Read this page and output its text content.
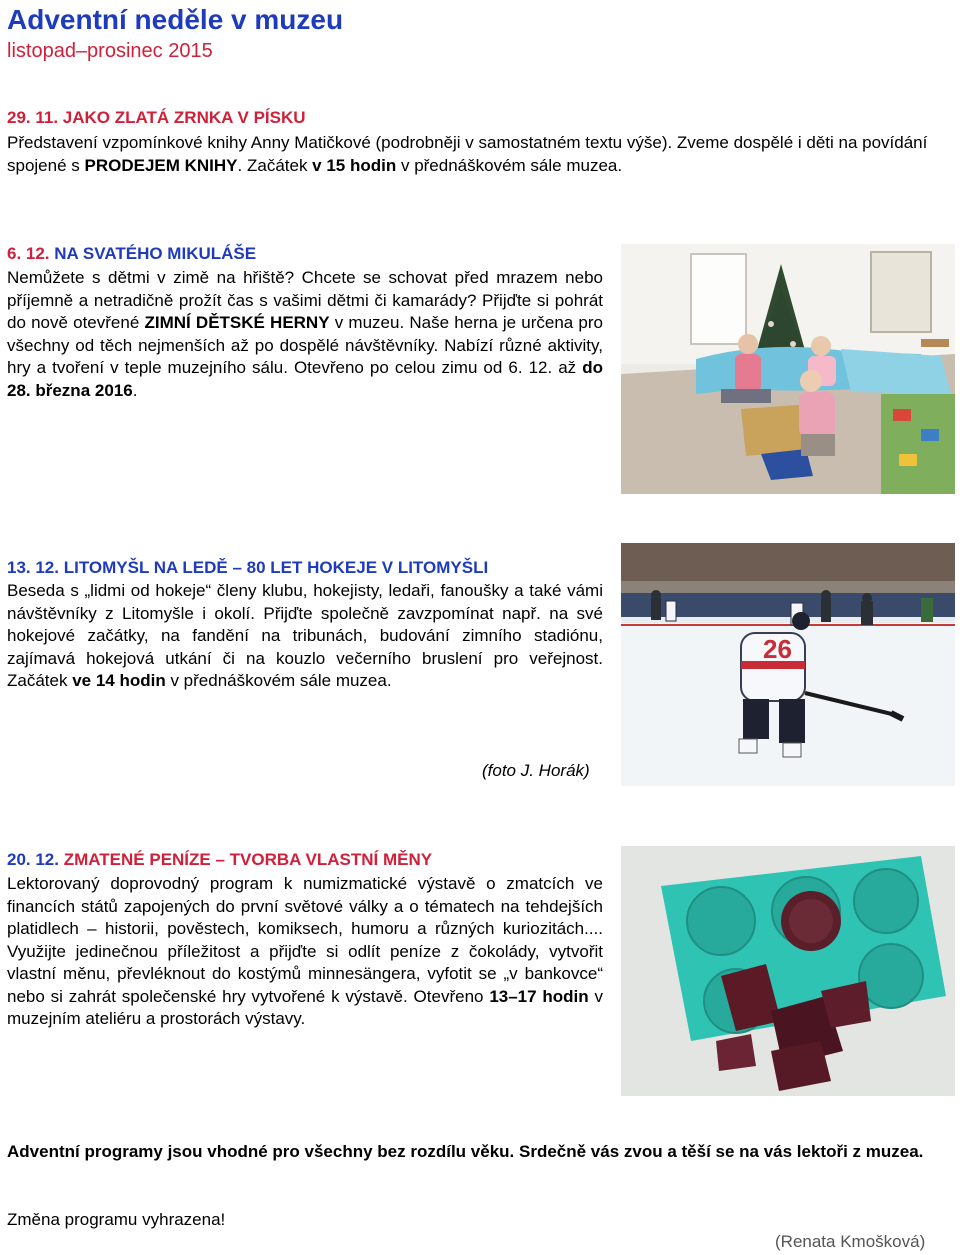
Adventní neděle v muzeu
listopad–prosinec 2015
29. 11. JAKO ZLATÁ ZRNKA V PÍSKU
Představení vzpomínkové knihy Anny Matičkové (podrobněji v samostatném textu výše). Zveme dospělé i děti na povídání spojené s PRODEJEM KNIHY. Začátek v 15 hodin v přednáškovém sále muzea.
6. 12. NA SVATÉHO MIKULÁŠE
Nemůžete s dětmi v zimě na hřiště? Chcete se schovat před mrazem nebo příjemně a netradičně prožít čas s vašimi dětmi či kamarády? Přijďte si pohrát do nově otevřené ZIMNÍ DĚTSKÉ HERNY v muzeu. Naše herna je určena pro všechny od těch nejmenších až po dospělé návštěvníky. Nabízí různé aktivity, hry a tvoření v teple muzejního sálu. Otevřeno po celou zimu od 6. 12. až do 28. března 2016.
13. 12. LITOMYŠL NA LEDĚ – 80 LET HOKEJE V LITOMYŠLI
Beseda s „lidmi od hokeje“ členy klubu, hokejisty, ledaři, fanoušky a také vámi návštěvníky z Litomyšle i okolí. Přijďte společně zavzpomínat např. na své hokejové začátky, na fandění na tribunách, budování zimního stadiónu, zajímavá hokejová utkání či na kouzlo večerního bruslení pro veřejnost. Začátek ve 14 hodin v přednáškovém sále muzea.
(foto J. Horák)
26
20. 12. ZMATENÉ PENÍZE – TVORBA VLASTNÍ MĚNY
Lektorovaný doprovodný program k numizmatické výstavě o zmatcích ve financích států zapojených do první světové války a o tématech na tehdejších platidlech – historii, pověstech, komiksech, humoru a různých kuriozitách.... Využijte jedinečnou příležitost a přijďte si odlít peníze z čokolády, vytvořit vlastní měnu, převléknout do kostýmů minnesängera, vyfotit se „v bankovce“ nebo si zahrát společenské hry vytvořené k výstavě. Otevřeno 13–17 hodin v muzejním ateliéru a prostorách výstavy.
Adventní programy jsou vhodné pro všechny bez rozdílu věku. Srdečně vás zvou a těší se na vás lektoři z muzea.
Změna programu vyhrazena!
(Renata Kmošková)
